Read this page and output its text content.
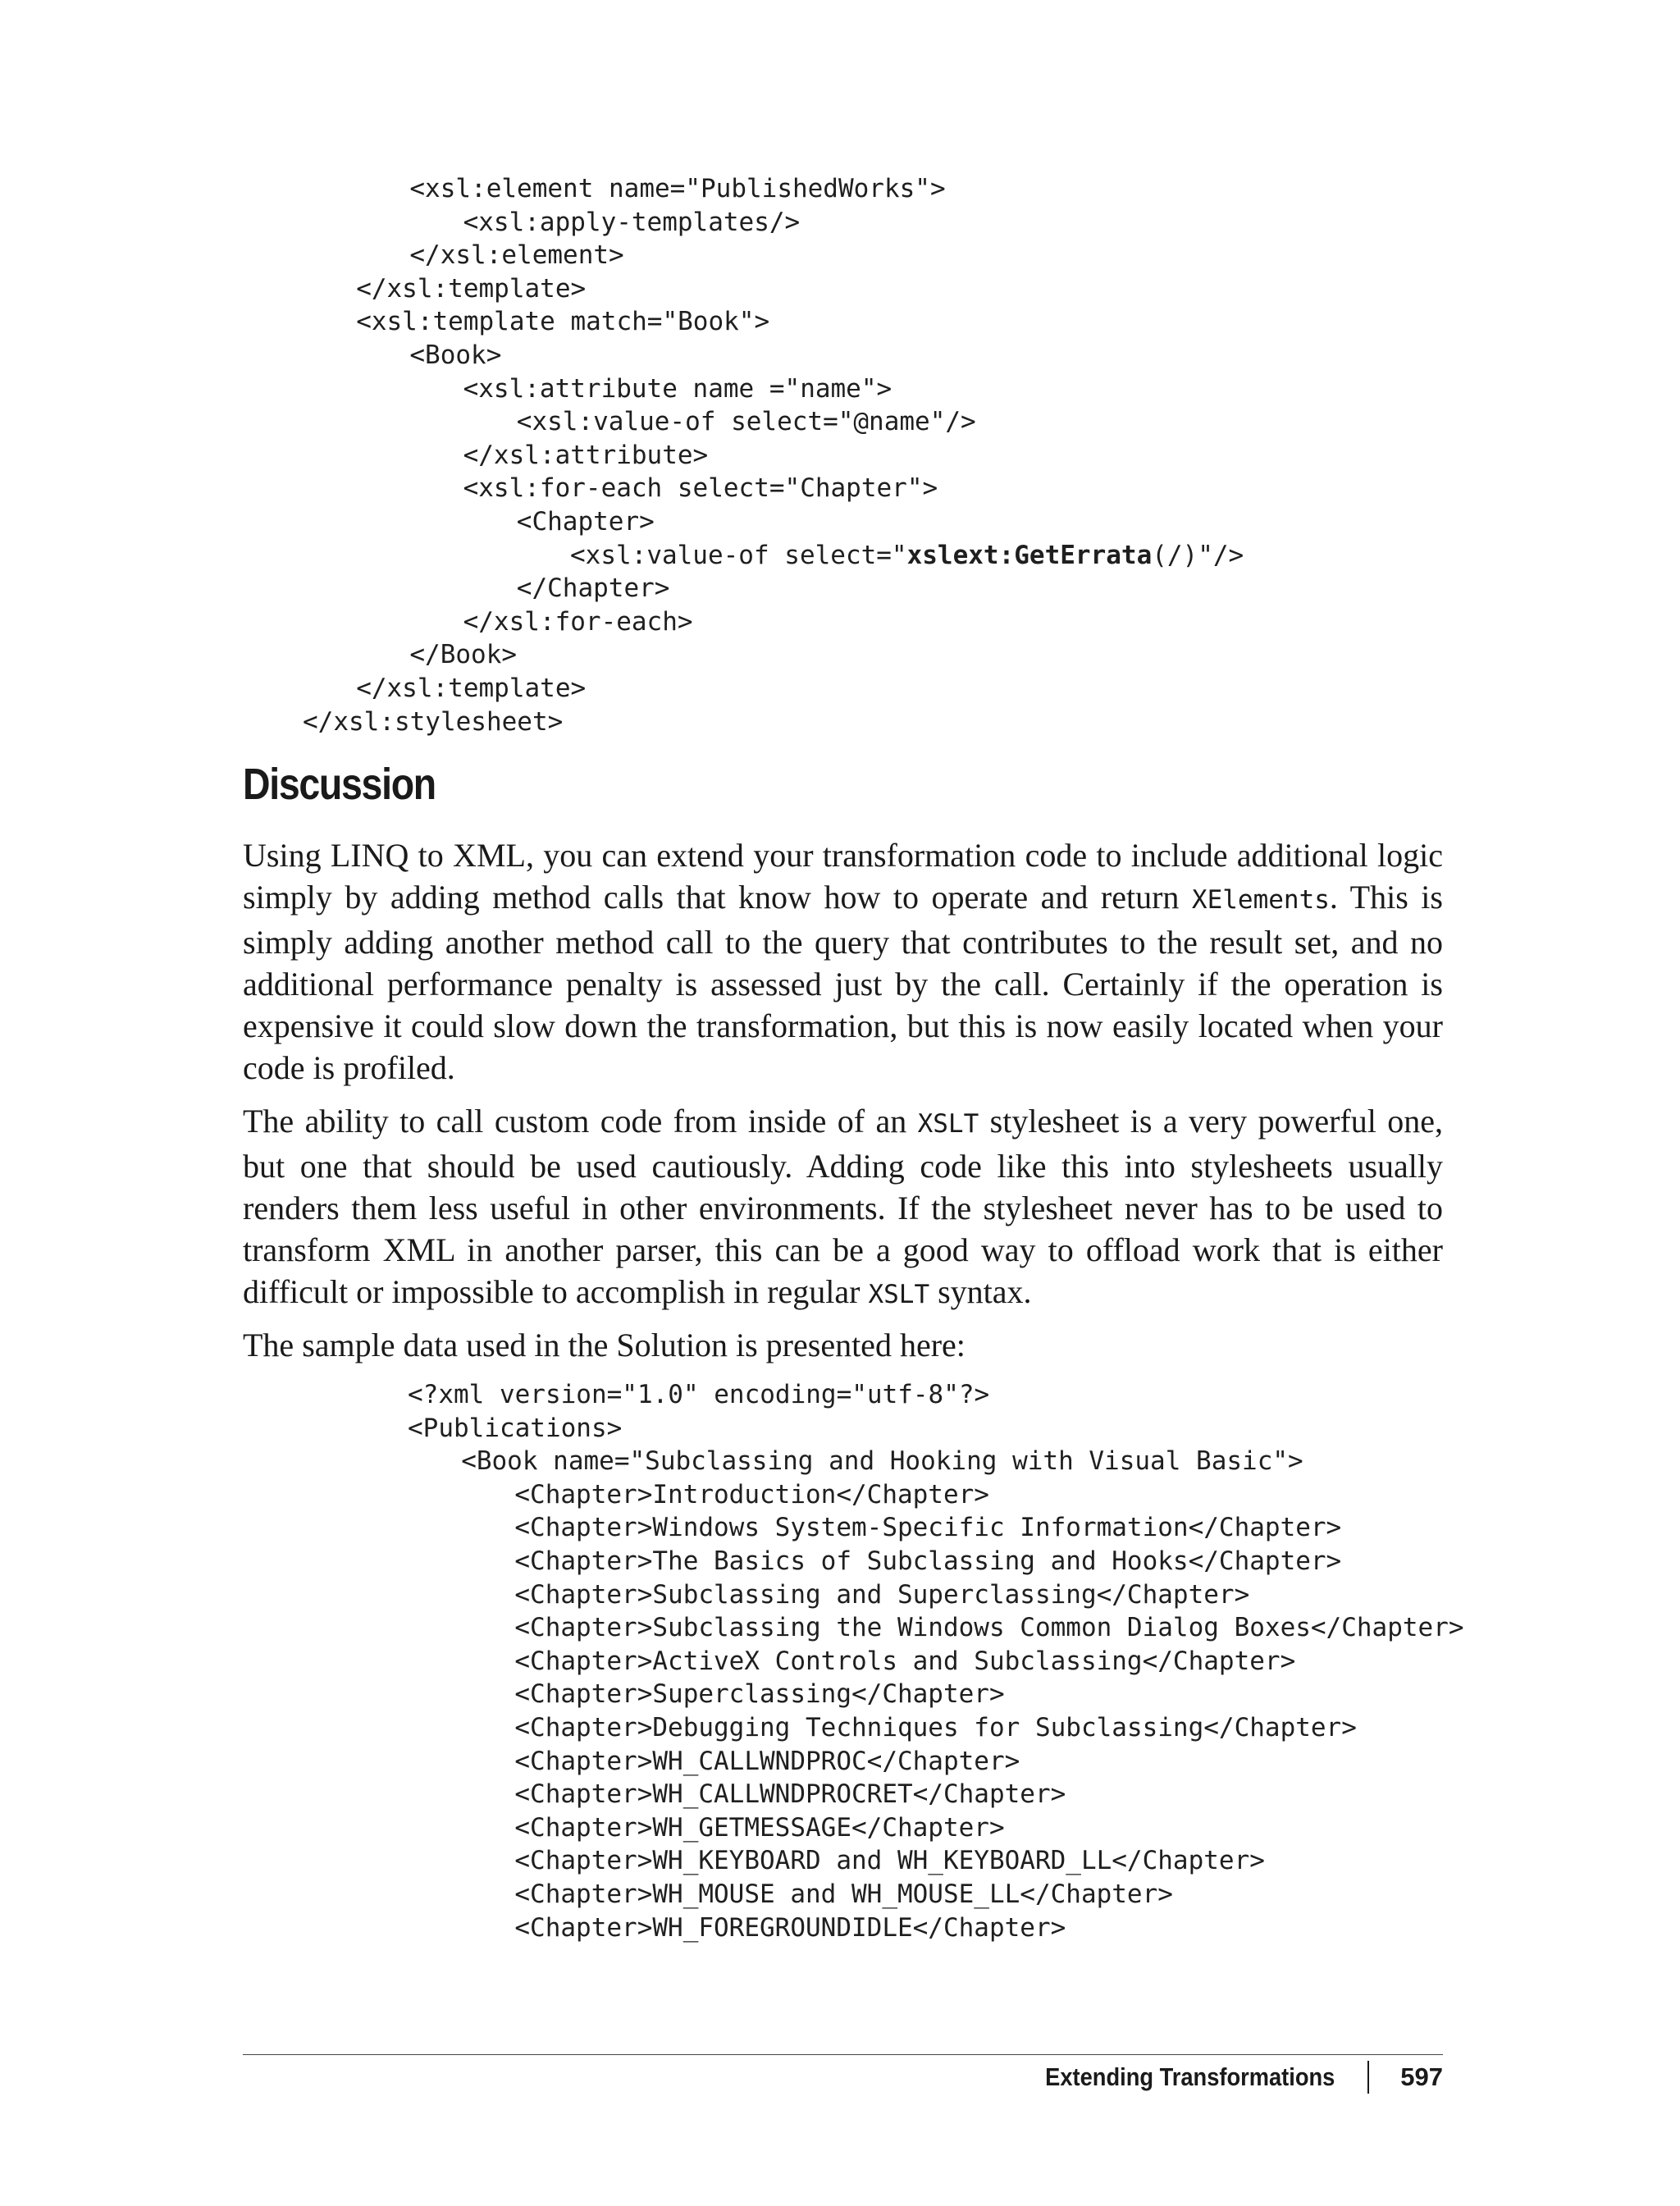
<xsl:element name="PublishedWorks">
<xsl:apply-templates/>
</xsl:element>
</xsl:template>
<xsl:template match="Book">
<Book>
<xsl:attribute name ="name">
<xsl:value-of select="@name"/>
</xsl:attribute>
<xsl:for-each select="Chapter">
<Chapter>
<xsl:value-of select="xslext:GetErrata(/)"/>
</Chapter>
</xsl:for-each>
</Book>
</xsl:template>
</xsl:stylesheet>
Discussion

Using LINQ to XML, you can extend your transformation code to include additional logic simply by adding method calls that know how to operate and return XElements. This is simply adding another method call to the query that contributes to the result set, and no additional performance penalty is assessed just by the call. Certainly if the operation is expensive it could slow down the transformation, but this is now easily located when your code is profiled.

The ability to call custom code from inside of an XSLT stylesheet is a very powerful one, but one that should be used cautiously. Adding code like this into stylesheets usually renders them less useful in other environments. If the stylesheet never has to be used to transform XML in another parser, this can be a good way to offload work that is either difficult or impossible to accomplish in regular XSLT syntax.

The sample data used in the Solution is presented here:

<?xml version="1.0" encoding="utf-8"?>
<Publications>
<Book name="Subclassing and Hooking with Visual Basic">
<Chapter>Introduction</Chapter>
<Chapter>Windows System-Specific Information</Chapter>
<Chapter>The Basics of Subclassing and Hooks</Chapter>
<Chapter>Subclassing and Superclassing</Chapter>
<Chapter>Subclassing the Windows Common Dialog Boxes</Chapter>
<Chapter>ActiveX Controls and Subclassing</Chapter>
<Chapter>Superclassing</Chapter>
<Chapter>Debugging Techniques for Subclassing</Chapter>
<Chapter>WH_CALLWNDPROC</Chapter>
<Chapter>WH_CALLWNDPROCRET</Chapter>
<Chapter>WH_GETMESSAGE</Chapter>
<Chapter>WH_KEYBOARD and WH_KEYBOARD_LL</Chapter>
<Chapter>WH_MOUSE and WH_MOUSE_LL</Chapter>
<Chapter>WH_FOREGROUNDIDLE</Chapter>
Extending Transformations	597
